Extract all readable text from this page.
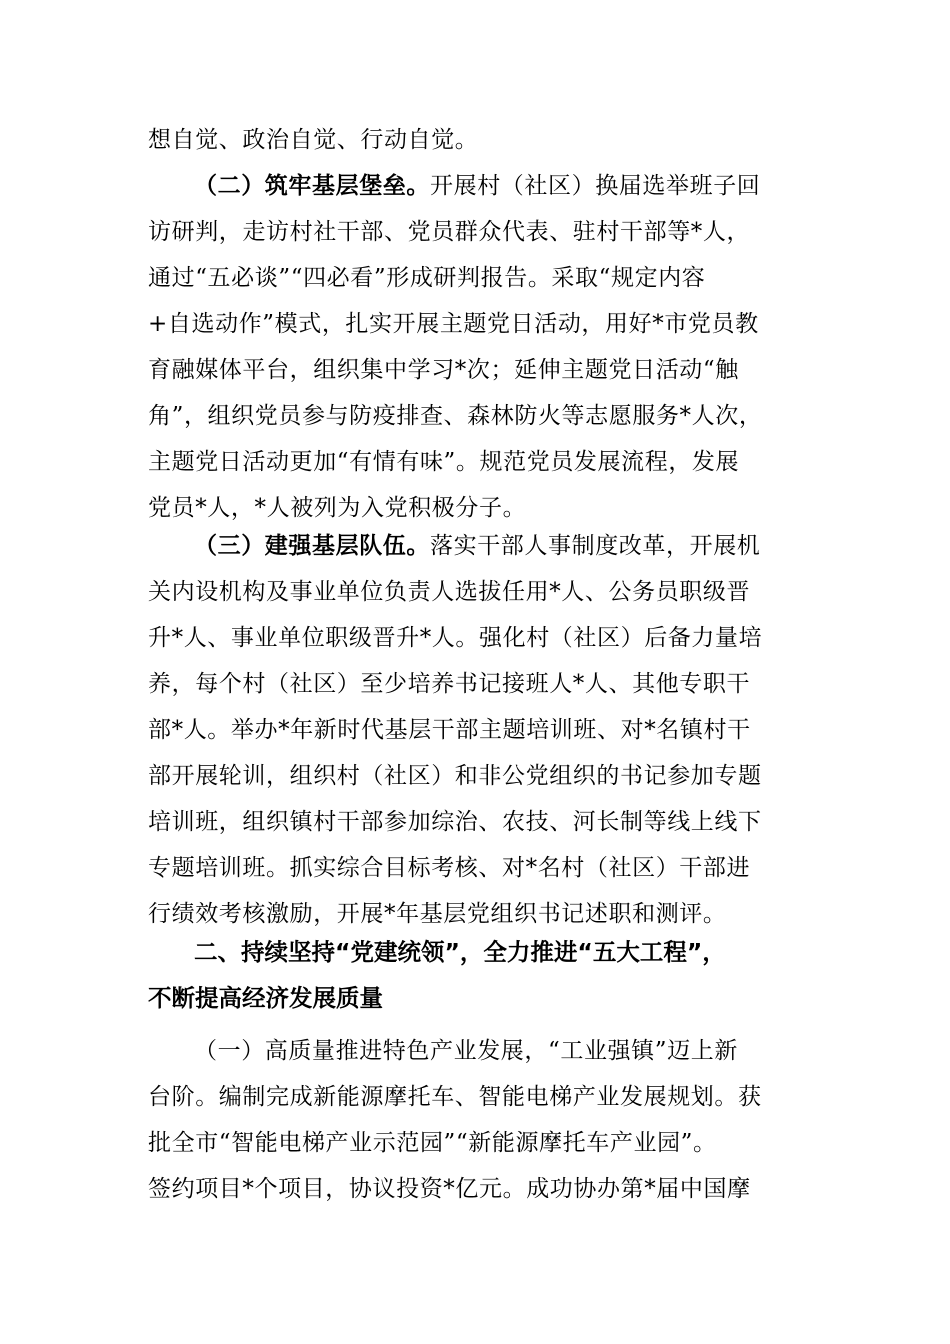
想自觉、政治自觉、行动自觉。
（二）筑牢基层堡垒。开展村（社区）换届选举班子回
访研判，走访村社干部、党员群众代表、驻村干部等*人，
通过“五必谈”“四必看”形成研判报告。采取“规定内容
+自选动作”模式，扎实开展主题党日活动，用好*市党员教
育融媒体平台，组织集中学习*次；延伸主题党日活动“触
角”，组织党员参与防疫排查、森林防火等志愿服务*人次，
主题党日活动更加“有情有味”。规范党员发展流程，发展
党员*人，*人被列为入党积极分子。
（三）建强基层队伍。落实干部人事制度改革，开展机
关内设机构及事业单位负责人选拔任用*人、公务员职级晋
升*人、事业单位职级晋升*人。强化村（社区）后备力量培
养，每个村（社区）至少培养书记接班人*人、其他专职干
部*人。举办*年新时代基层干部主题培训班、对*名镇村干
部开展轮训，组织村（社区）和非公党组织的书记参加专题
培训班，组织镇村干部参加综治、农技、河长制等线上线下
专题培训班。抓实综合目标考核、对*名村（社区）干部进
行绩效考核激励，开展*年基层党组织书记述职和测评。
二、持续坚持“党建统领”，全力推进“五大工程”，
不断提高经济发展质量
（一）高质量推进特色产业发展，“工业强镇”迈上新
台阶。编制完成新能源摩托车、智能电梯产业发展规划。获
批全市“智能电梯产业示范园”“新能源摩托车产业园”。
签约项目*个项目，协议投资*亿元。成功协办第*届中国摩
